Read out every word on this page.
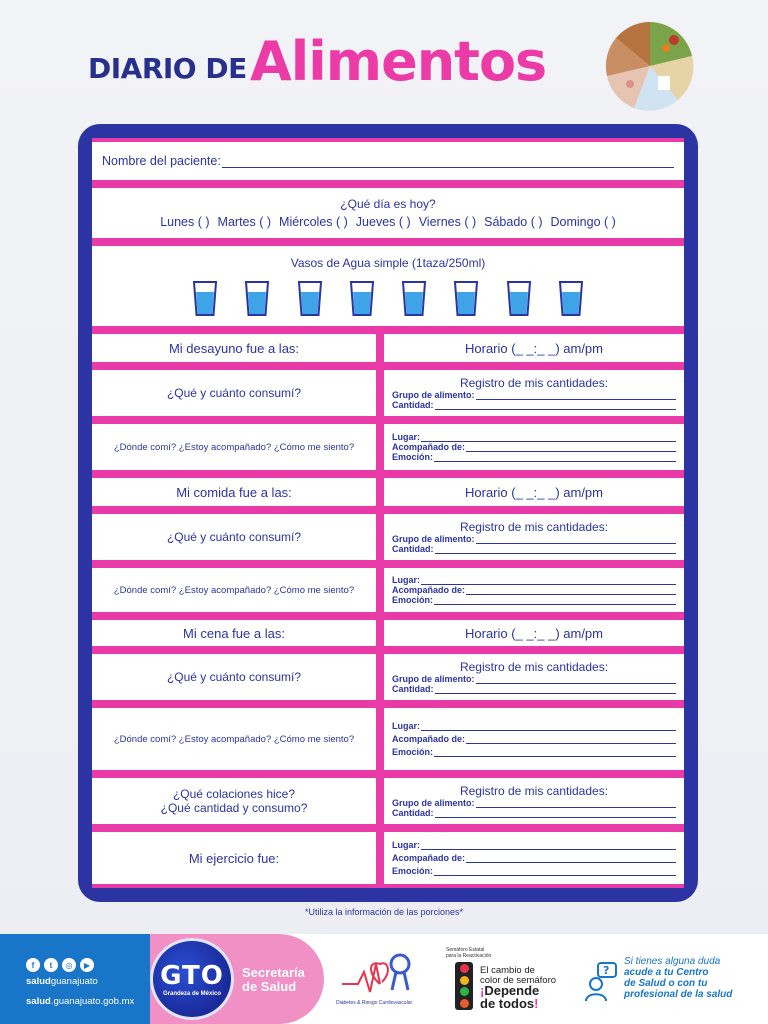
DIARIO DE Alimentos
Nombre del paciente:
¿Qué día es hoy?
Lunes ( ) Martes ( ) Miércoles ( ) Jueves ( ) Viernes ( ) Sábado ( ) Domingo ( )
Vasos de Agua simple (1taza/250ml)
Mi desayuno fue a las:	Horario (_ _:_ _) am/pm
¿Qué y cuánto consumí?
Registro de mis cantidades:
Grupo de alimento:
Cantidad:
¿Dónde comí? ¿Estoy acompañado? ¿Cómo me siento?
Lugar:
Acompañado de:
Emoción:
Mi comida fue a las:	Horario (_ _:_ _) am/pm
¿Qué y cuánto consumí?
Registro de mis cantidades:
Grupo de alimento:
Cantidad:
¿Dónde comí? ¿Estoy acompañado? ¿Cómo me siento?
Lugar:
Acompañado de:
Emoción:
Mi cena fue a las:	Horario (_ _:_ _) am/pm
¿Qué y cuánto consumí?
Registro de mis cantidades:
Grupo de alimento:
Cantidad:
¿Dónde comí? ¿Estoy acompañado? ¿Cómo me siento?
Lugar:
Acompañado de:
Emoción:
¿Qué colaciones hice?
¿Qué cantidad y consumo?
Registro de mis cantidades:
Grupo de alimento:
Cantidad:
Mi ejercicio fue:
Lugar:
Acompañado de:
Emoción:
*Utiliza la información de las porciones*
f	t	◎	▶
saludguanajuato
salud.guanajuato.gob.mx
GTO
Grandeza de México
Secretaría
de Salud
Diabetes & Riesgo Cardiovascular
Semáforo Estatal
para la Reactivación
El cambio de
color de semáforo
¡Depende
de todos!
?
Si tienes alguna duda
acude a tu Centro
de Salud o con tu
profesional de la salud
